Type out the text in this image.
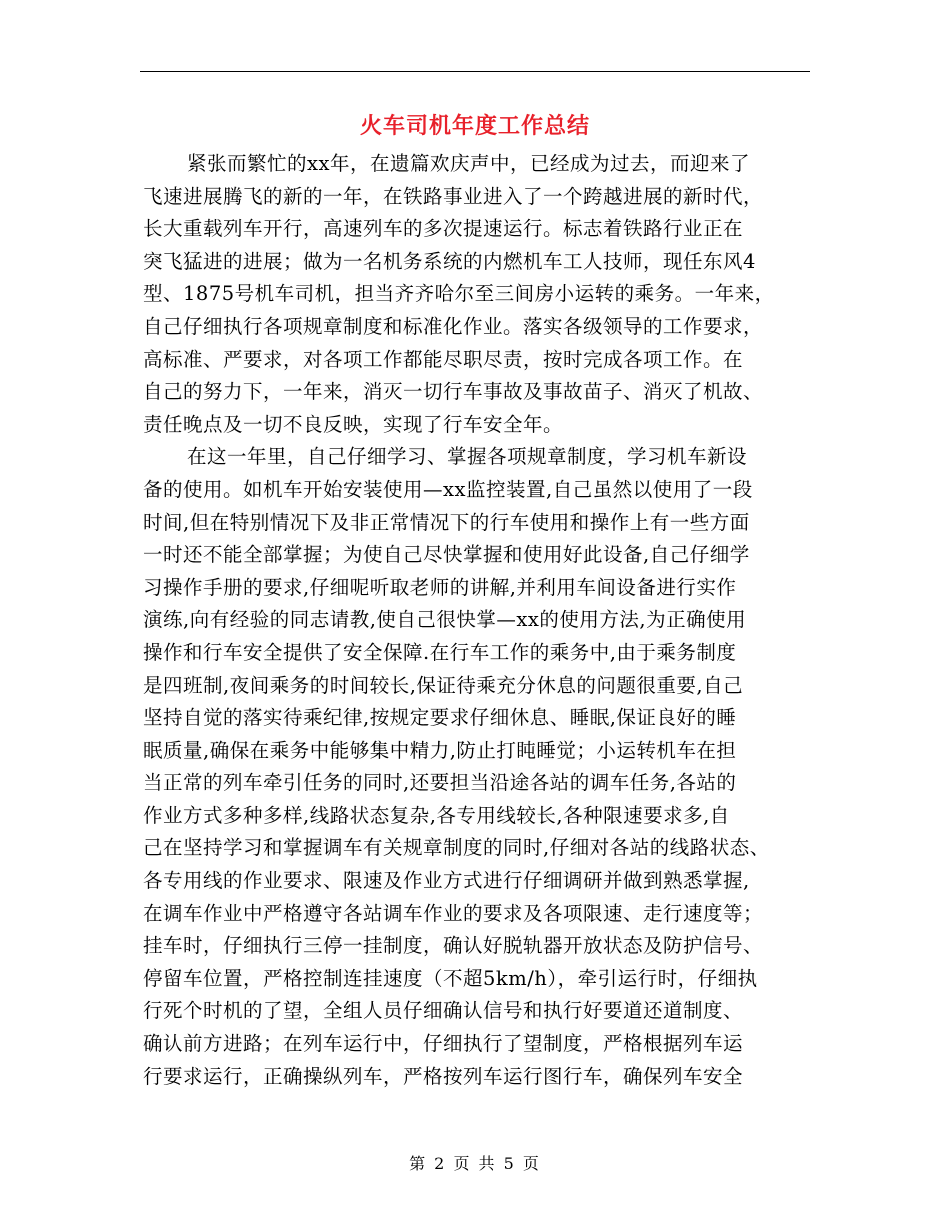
火车司机年度工作总结
紧张而繁忙的xx年，在遗篇欢庆声中，已经成为过去，而迎来了
飞速进展腾飞的新的一年，在铁路事业进入了一个跨越进展的新时代，
长大重载列车开行，高速列车的多次提速运行。标志着铁路行业正在
突飞猛进的进展；做为一名机务系统的内燃机车工人技师，现任东风4
型、1875号机车司机，担当齐齐哈尔至三间房小运转的乘务。一年来，
自己仔细执行各项规章制度和标准化作业。落实各级领导的工作要求，
高标准、严要求，对各项工作都能尽职尽责，按时完成各项工作。在
自己的努力下，一年来，消灭一切行车事故及事故苗子、消灭了机故、
责任晚点及一切不良反映，实现了行车安全年。
在这一年里，自己仔细学习、掌握各项规章制度，学习机车新设
备的使用。如机车开始安装使用—xx监控装置,自己虽然以使用了一段
时间,但在特别情况下及非正常情况下的行车使用和操作上有一些方面
一时还不能全部掌握；为使自己尽快掌握和使用好此设备,自己仔细学
习操作手册的要求,仔细呢听取老师的讲解,并利用车间设备进行实作
演练,向有经验的同志请教,使自己很快掌—xx的使用方法,为正确使用
操作和行车安全提供了安全保障.在行车工作的乘务中,由于乘务制度
是四班制,夜间乘务的时间较长,保证待乘充分休息的问题很重要,自己
坚持自觉的落实待乘纪律,按规定要求仔细休息、睡眠,保证良好的睡
眠质量,确保在乘务中能够集中精力,防止打盹睡觉；小运转机车在担
当正常的列车牵引任务的同时,还要担当沿途各站的调车任务,各站的
作业方式多种多样,线路状态复杂,各专用线较长,各种限速要求多,自
己在坚持学习和掌握调车有关规章制度的同时,仔细对各站的线路状态、
各专用线的作业要求、限速及作业方式进行仔细调研并做到熟悉掌握,
在调车作业中严格遵守各站调车作业的要求及各项限速、走行速度等；
挂车时，仔细执行三停一挂制度，确认好脱轨器开放状态及防护信号、
停留车位置，严格控制连挂速度（不超5km/h），牵引运行时，仔细执
行死个时机的了望，全组人员仔细确认信号和执行好要道还道制度、
确认前方进路；在列车运行中，仔细执行了望制度，严格根据列车运
行要求运行，正确操纵列车，严格按列车运行图行车，确保列车安全
第 2 页 共 5 页
